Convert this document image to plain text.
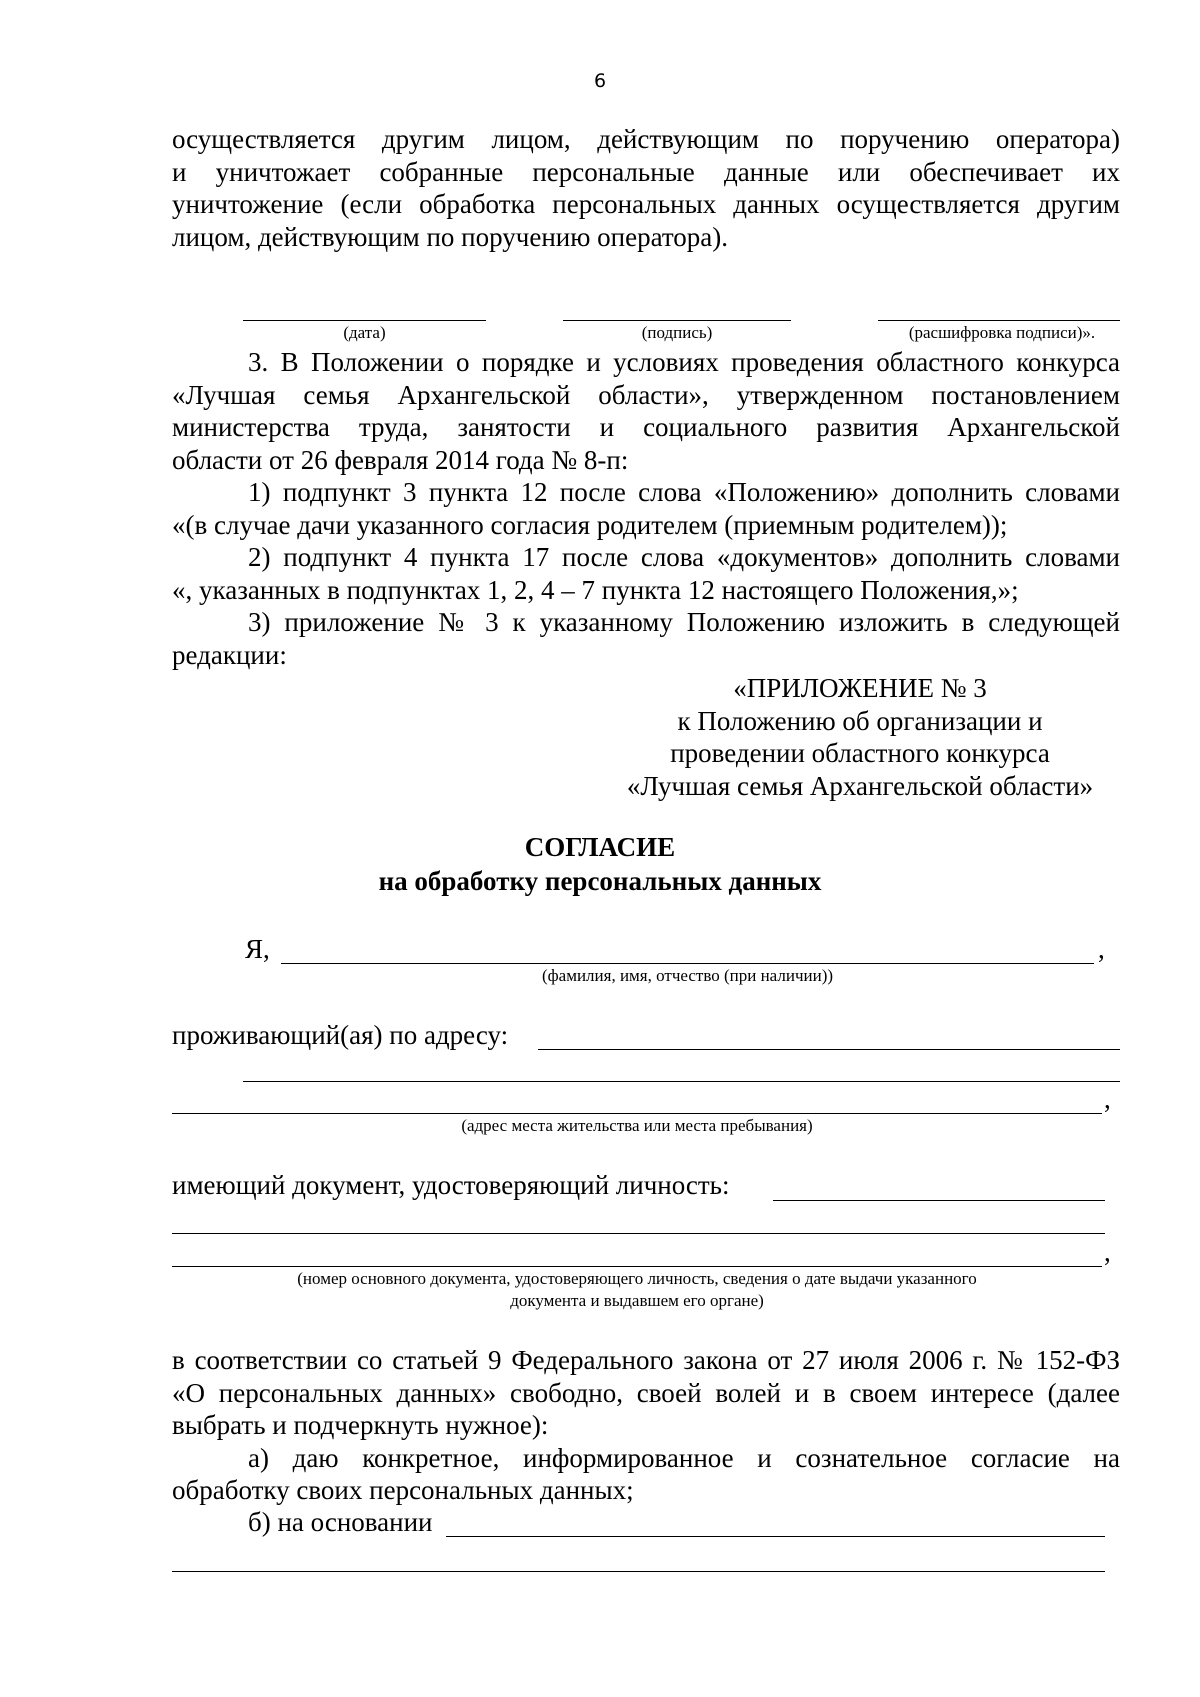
6

осуществляется другим лицом, действующим по поручению оператора)

и уничтожает собранные персональные данные или обеспечивает их

уничтожение (если обработка персональных данных осуществляется другим

лицом, действующим по поручению оператора).

(дата)	(подпись)	(расшифровка подписи)».

3. В Положении о порядке и условиях проведения областного конкурса

«Лучшая семья Архангельской области», утвержденном постановлением

министерства труда, занятости и социального развития Архангельской

области от 26 февраля 2014 года № 8-п:

1) подпункт 3 пункта 12 после слова «Положению» дополнить словами

«(в случае дачи указанного согласия родителем (приемным родителем));

2) подпункт 4 пункта 17 после слова «документов» дополнить словами

«, указанных в подпунктах 1, 2, 4 – 7 пункта 12 настоящего Положения,»;

3) приложение № 3 к указанному Положению изложить в следующей

редакции:

«ПРИЛОЖЕНИЕ № 3
к Положению об организации и
проведении областного конкурса
«Лучшая семья Архангельской области»
СОГЛАСИЕ
на обработку персональных данных
Я,	,
(фамилия, имя, отчество (при наличии))
проживающий(ая) по адресу:
,
(адрес места жительства или места пребывания)
имеющий документ, удостоверяющий личность:
,
(номер основного документа, удостоверяющего личность, сведения о дате выдачи указанного
документа и выдавшем его органе)

в соответствии со статьей 9 Федерального закона от 27 июля 2006 г. № 152-ФЗ

«О персональных данных» свободно, своей волей и в своем интересе (далее

выбрать и подчеркнуть нужное):

а) даю конкретное, информированное и сознательное согласие на

обработку своих персональных данных;

б) на основании
